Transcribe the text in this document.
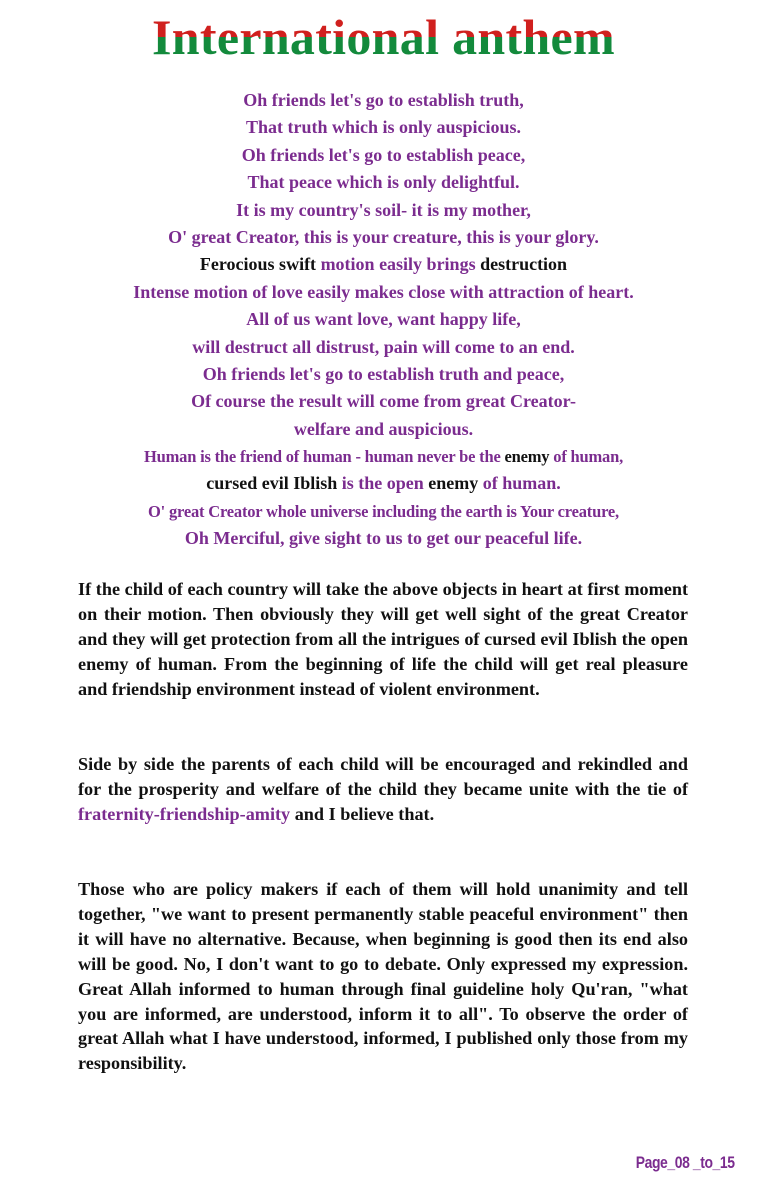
International anthem
Oh friends let's go to establish truth,
That truth which is only auspicious.
Oh friends let's go to establish peace,
That peace which is only delightful.
It is my country's soil- it is my mother,
O' great Creator, this is your creature, this is your glory.
Ferocious swift motion easily brings destruction
Intense motion of love easily makes close with attraction of heart.
All of us want love, want happy life,
will destruct all distrust, pain will come to an end.
Oh friends let's go to establish truth and peace,
Of course the result will come from great Creator-
welfare and auspicious.
Human is the friend of human - human never be the enemy of human,
cursed evil Iblish is the open enemy of human.
O' great Creator whole universe including the earth is Your creature,
Oh Merciful, give sight to us to get our peaceful life.

If the child of each country will take the above objects in heart at first moment on their motion. Then obviously they will get well sight of the great Creator and they will get protection from all the intrigues of cursed evil Iblish the open enemy of human. From the beginning of life the child will get real pleasure and friendship environment instead of violent environment.

Side by side the parents of each child will be encouraged and rekindled and for the prosperity and welfare of the child they became unite with the tie of fraternity-friendship-amity and I believe that.

Those who are policy makers if each of them will hold unanimity and tell together, "we want to present permanently stable peaceful environment" then it will have no alternative. Because, when beginning is good then its end also will be good. No, I don't want to go to debate. Only expressed my expression. Great Allah informed to human through final guideline holy Qu'ran, "what you are informed, are understood, inform it to all". To observe the order of great Allah what I have understood, informed, I published only those from my responsibility.

Page_08 _to_15
